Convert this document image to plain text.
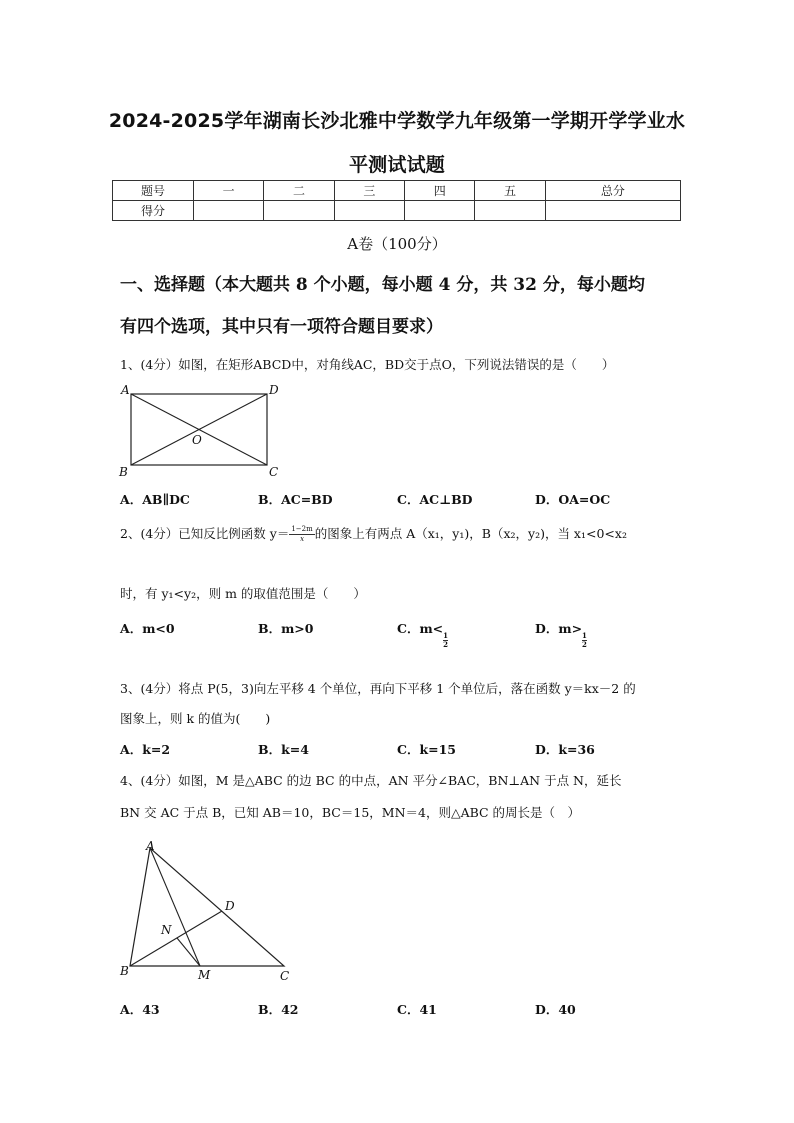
2024-2025学年湖南长沙北雅中学数学九年级第一学期开学学业水
平测试试题
题号	一	二	三	四	五	总分
得分						
A卷（100分）
一、选择题（本大题共 8 个小题，每小题 4 分，共 32 分，每小题均
有四个选项，其中只有一项符合题目要求）
1、(4分）如图，在矩形ABCD中，对角线AC，BD交于点O，下列说法错误的是（　　）
A	D
O
B	C
A．AB∥DC	B．AC=BD	C．AC⊥BD	D．OA=OC
2、(4分）已知反比例函数 $y= \frac{1-2m}{x}$ 的图象上有两点 A（x₁，y₁)，B（x₂，y₂)，当 x₁<0<x₂
时，有 y₁<y₂，则 m 的取值范围是（　　）
A．m<0	B．m>0	C．m<
$\frac{1}{2}$
D．m>
$\frac{1}{2}$
3、(4分）将点 P(5，3)向左平移 4 个单位，再向下平移 1 个单位后，落在函数 y＝kx－2 的
图象上，则 k 的值为(　　)
A．k=2	B．k=4	C．k=15	D．k=36
4、(4分）如图，M 是△ABC 的边 BC 的中点，AN 平分∠BAC，BN⊥AN 于点 N，延长
BN 交 AC 于点 B，已知 AB＝10，BC＝15，MN＝4，则△ABC 的周长是（　）
A
D
N
B	M	C
A．43	B．42	C．41	D．40
